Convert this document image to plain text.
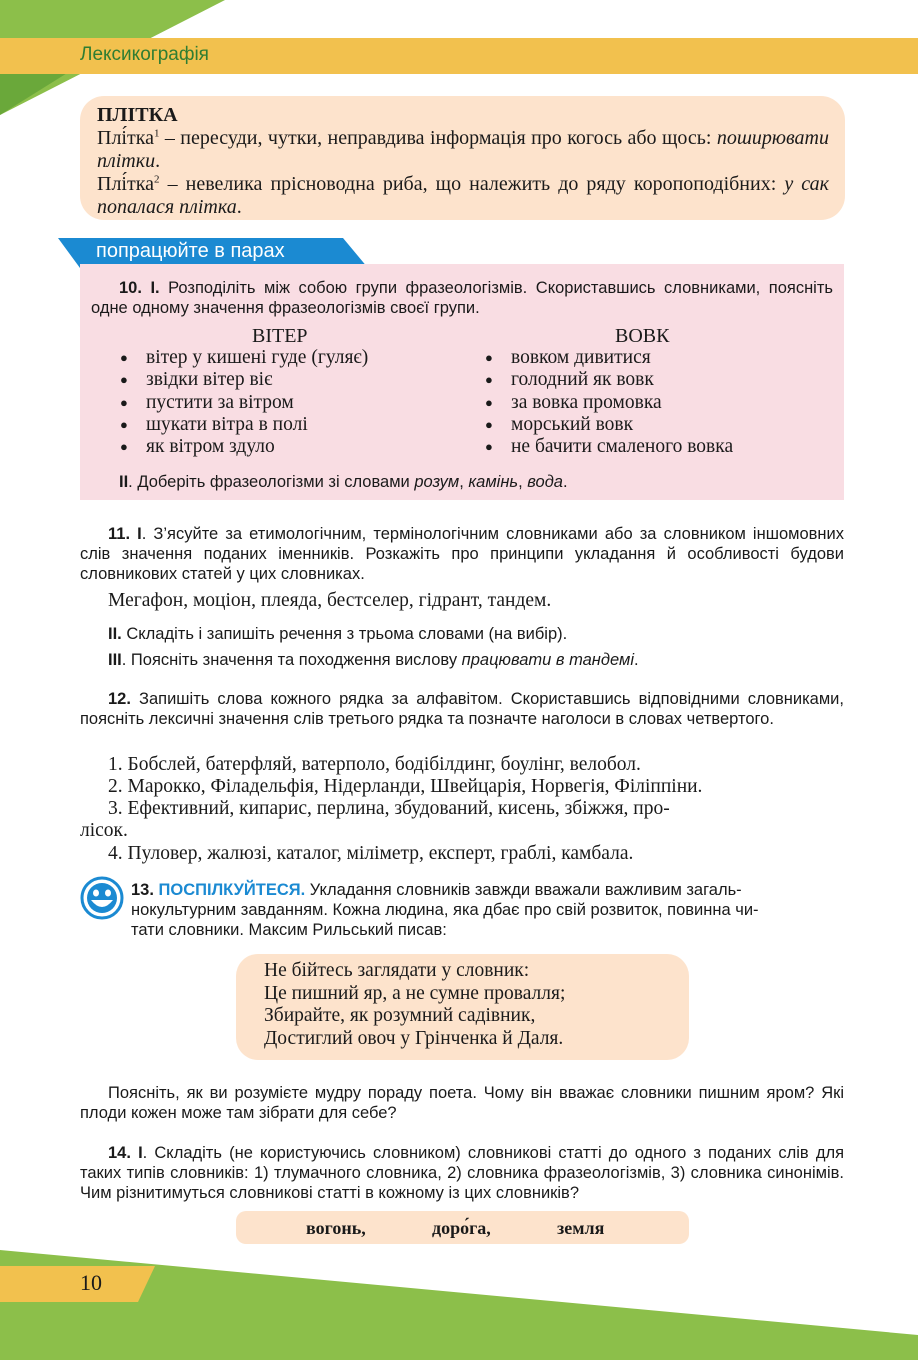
Лексикографія
ПЛІТКА
Плі́тка$^1$ – пересуди, чутки, неправдива інформація про когось або щось: поширювати плітки.
Плі́тка$^2$ – невелика прісноводна риба, що належить до ряду коропоподібних: у сак попалася плітка.
попрацюйте в парах
10. І. Розподіліть між собою групи фразеологізмів. Скориставшись словниками, поясніть одне одному значення фразеологізмів своєї групи.
ВІТЕР
● вітер у кишені гуде (гуляє)
● звідки вітер віє
● пустити за вітром
● шукати вітра в полі
● як вітром здуло
ВОВК
● вовком дивитися
● голодний як вовк
● за вовка промовка
● морський вовк
● не бачити смаленого вовка
ІІ. Доберіть фразеологізми зі словами розум, камінь, вода.
11. І. З’ясуйте за етимологічним, термінологічним словниками або за словником іншомовних слів значення поданих іменників. Розкажіть про принципи укладання й особливості будови словникових статей у цих словниках.
Мегафон, моціон, плеяда, бестселер, гідрант, тандем.
ІІ. Складіть і запишіть речення з трьома словами (на вибір).
ІІІ. Поясніть значення та походження вислову працювати в тандемі.
12. Запишіть слова кожного рядка за алфавітом. Скориставшись відповідними словниками, поясніть лексичні значення слів третього рядка та позначте наголоси в словах четвертого.
1. Бобслей, батерфляй, ватерполо, бодібілдинг, боулінг, велобол.
2. Марокко, Філадельфія, Нідерланди, Швейцарія, Норвегія, Філіппіни.
3. Ефективний, кипарис, перлина, збудований, кисень, збіжжя, про-
лісок.
4. Пуловер, жалюзі, каталог, міліметр, експерт, граблі, камбала.
13. ПОСПІЛКУЙТЕСЯ. Укладання словників завжди вважали важливим загаль-
нокультурним завданням. Кожна людина, яка дбає про свій розвиток, повинна чи-
тати словники. Максим Рильський писав:
Не бійтесь заглядати у словник:
Це пишний яр, а не сумне провалля;
Збирайте, як розумний садівник,
Достиглий овоч у Грінченка й Даля.
Поясніть, як ви розумієте мудру пораду поета. Чому він вважає словники пишним яром? Які плоди кожен може там зібрати для себе?
14. І. Складіть (не користуючись словником) словникові статті до одного з поданих слів для таких типів словників: 1) тлумачного словника, 2) словника фразеологізмів, 3) словника синонімів. Чим різнитимуться словникові статті в кожному із цих словників?
вогонь,	доро́га,	земля
10
